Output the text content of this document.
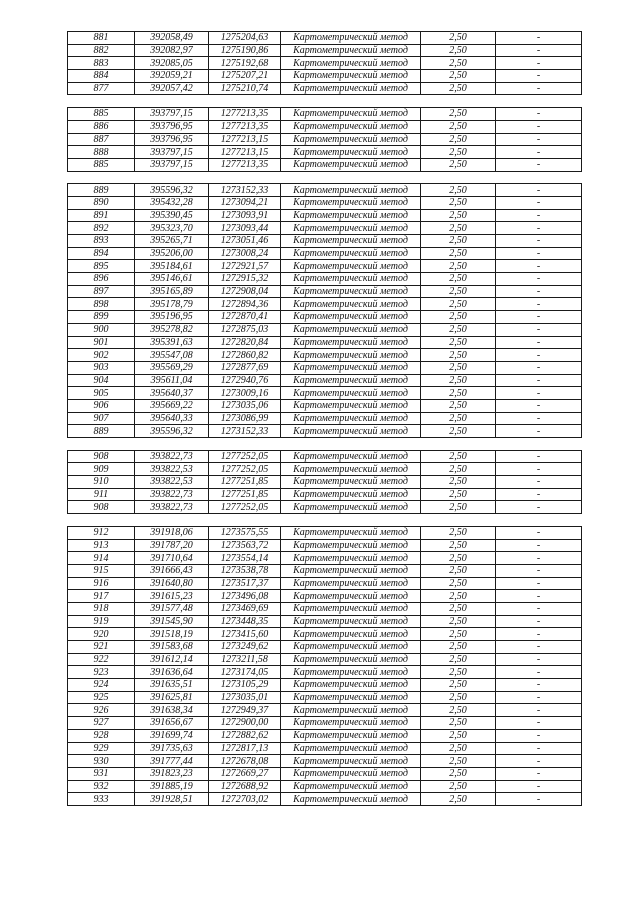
881	392058,49	1275204,63	Картометрический метод	2,50	-
882	392082,97	1275190,86	Картометрический метод	2,50	-
883	392085,05	1275192,68	Картометрический метод	2,50	-
884	392059,21	1275207,21	Картометрический метод	2,50	-
877	392057,42	1275210,74	Картометрический метод	2,50	-

885	393797,15	1277213,35	Картометрический метод	2,50	-
886	393796,95	1277213,35	Картометрический метод	2,50	-
887	393796,95	1277213,15	Картометрический метод	2,50	-
888	393797,15	1277213,15	Картометрический метод	2,50	-
885	393797,15	1277213,35	Картометрический метод	2,50	-

889	395596,32	1273152,33	Картометрический метод	2,50	-
890	395432,28	1273094,21	Картометрический метод	2,50	-
891	395390,45	1273093,91	Картометрический метод	2,50	-
892	395323,70	1273093,44	Картометрический метод	2,50	-
893	395265,71	1273051,46	Картометрический метод	2,50	-
894	395206,00	1273008,24	Картометрический метод	2,50	-
895	395184,61	1272921,57	Картометрический метод	2,50	-
896	395146,61	1272915,32	Картометрический метод	2,50	-
897	395165,89	1272908,04	Картометрический метод	2,50	-
898	395178,79	1272894,36	Картометрический метод	2,50	-
899	395196,95	1272870,41	Картометрический метод	2,50	-
900	395278,82	1272875,03	Картометрический метод	2,50	-
901	395391,63	1272820,84	Картометрический метод	2,50	-
902	395547,08	1272860,82	Картометрический метод	2,50	-
903	395569,29	1272877,69	Картометрический метод	2,50	-
904	395611,04	1272940,76	Картометрический метод	2,50	-
905	395640,37	1273009,16	Картометрический метод	2,50	-
906	395669,22	1273035,06	Картометрический метод	2,50	-
907	395640,33	1273086,99	Картометрический метод	2,50	-
889	395596,32	1273152,33	Картометрический метод	2,50	-

908	393822,73	1277252,05	Картометрический метод	2,50	-
909	393822,53	1277252,05	Картометрический метод	2,50	-
910	393822,53	1277251,85	Картометрический метод	2,50	-
911	393822,73	1277251,85	Картометрический метод	2,50	-
908	393822,73	1277252,05	Картометрический метод	2,50	-

912	391918,06	1273575,55	Картометрический метод	2,50	-
913	391787,20	1273563,72	Картометрический метод	2,50	-
914	391710,64	1273554,14	Картометрический метод	2,50	-
915	391666,43	1273538,78	Картометрический метод	2,50	-
916	391640,80	1273517,37	Картометрический метод	2,50	-
917	391615,23	1273496,08	Картометрический метод	2,50	-
918	391577,48	1273469,69	Картометрический метод	2,50	-
919	391545,90	1273448,35	Картометрический метод	2,50	-
920	391518,19	1273415,60	Картометрический метод	2,50	-
921	391583,68	1273249,62	Картометрический метод	2,50	-
922	391612,14	1273211,58	Картометрический метод	2,50	-
923	391636,64	1273174,05	Картометрический метод	2,50	-
924	391635,51	1273105,29	Картометрический метод	2,50	-
925	391625,81	1273035,01	Картометрический метод	2,50	-
926	391638,34	1272949,37	Картометрический метод	2,50	-
927	391656,67	1272900,00	Картометрический метод	2,50	-
928	391699,74	1272882,62	Картометрический метод	2,50	-
929	391735,63	1272817,13	Картометрический метод	2,50	-
930	391777,44	1272678,08	Картометрический метод	2,50	-
931	391823,23	1272669,27	Картометрический метод	2,50	-
932	391885,19	1272688,92	Картометрический метод	2,50	-
933	391928,51	1272703,02	Картометрический метод	2,50	-
